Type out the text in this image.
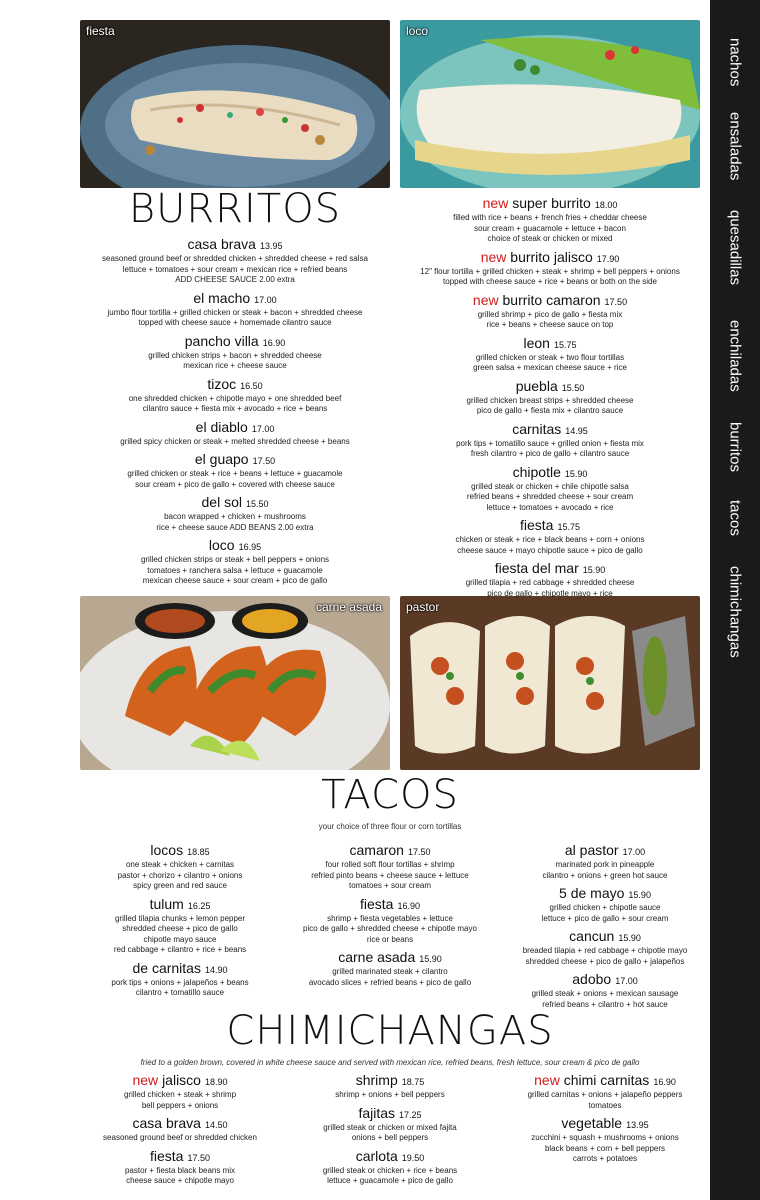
nachos
ensaladas
quesadillas
enchiladas
burritos
tacos
chimichangas
fiesta	loco
carne asada pastor
BURRITOS
casa brava 13.95
seasoned ground beef or shredded chicken + shredded cheese + red salsa
lettuce + tomatoes + sour cream + mexican rice + refried beans
ADD CHEESE SAUCE 2.00 extra
el macho 17.00
jumbo flour tortilla + grilled chicken or steak + bacon + shredded cheese
topped with cheese sauce + homemade cilantro sauce
pancho villa 16.90
grilled chicken strips + bacon + shredded cheese
mexican rice + cheese sauce
tizoc 16.50
one shredded chicken + chipotle mayo + one shredded beef
cilantro sauce + fiesta mix + avocado + rice + beans
el diablo 17.00
grilled spicy chicken or steak + melted shredded cheese + beans
el guapo 17.50
grilled chicken or steak + rice + beans + lettuce + guacamole
sour cream + pico de gallo + covered with cheese sauce
del sol 15.50
bacon wrapped + chicken + mushrooms
rice + cheese sauce ADD BEANS 2.00 extra
loco 16.95
grilled chicken strips or steak + bell peppers + onions
tomatoes + ranchera salsa + lettuce + guacamole
mexican cheese sauce + sour cream + pico de gallo
new super burrito 18.00
filled with rice + beans + french fries + cheddar cheese
sour cream + guacamole + lettuce + bacon
choice of steak or chicken or mixed
new burrito jalisco 17.90
12" flour tortilla + grilled chicken + steak + shrimp + bell peppers + onions
topped with cheese sauce + rice + beans or both on the side
new burrito camaron 17.50
grilled shrimp + pico de gallo + fiesta mix
rice + beans + cheese sauce on top
leon 15.75
grilled chicken or steak + two flour tortillas
green salsa + mexican cheese sauce + rice
puebla 15.50
grilled chicken breast strips + shredded cheese
pico de gallo + fiesta mix + cilantro sauce
carnitas 14.95
pork tips + tomatillo sauce + grilled onion + fiesta mix
fresh cilantro + pico de gallo + cilantro sauce
chipotle 15.90
grilled steak or chicken + chile chipotle salsa
refried beans + shredded cheese + sour cream
lettuce + tomatoes + avocado + rice
fiesta 15.75
chicken or steak + rice + black beans + corn + onions
cheese sauce + mayo chipotle sauce + pico de gallo
fiesta del mar 15.90
grilled tilapia + red cabbage + shredded cheese
pico de gallo + chipotle mayo + rice
TACOS
your choice of three flour or corn tortillas
locos 18.85
one steak + chicken + carnitas
pastor + chorizo + cilantro + onions
spicy green and red sauce
tulum 16.25
grilled tilapia chunks + lemon pepper
shredded cheese + pico de gallo
chipotle mayo sauce
red cabbage + cilantro + rice + beans
de carnitas 14.90
pork tips + onions + jalapeños + beans
cilantro + tomatillo sauce
camaron 17.50
four rolled soft flour tortillas + shrimp
refried pinto beans + cheese sauce + lettuce
tomatoes + sour cream
fiesta 16.90
shrimp + fiesta vegetables + lettuce
pico de gallo + shredded cheese + chipotle mayo
rice or beans
carne asada 15.90
grilled marinated steak + cilantro
avocado slices + refried beans + pico de gallo
al pastor 17.00
marinated pork in pineapple
cilantro + onions + green hot sauce
5 de mayo 15.90
grilled chicken + chipotle sauce
lettuce + pico de gallo + sour cream
cancun 15.90
breaded tilapia + red cabbage + chipotle mayo
shredded cheese + pico de gallo + jalapeños
adobo 17.00
grilled steak + onions + mexican sausage
refried beans + cilantro + hot sauce
CHIMICHANGAS
fried to a golden brown, covered in white cheese sauce and served with mexican rice, refried beans, fresh lettuce, sour cream & pico de gallo
new jalisco 18.90
grilled chicken + steak + shrimp
bell peppers + onions
casa brava 14.50
seasoned ground beef or shredded chicken
fiesta 17.50
pastor + fiesta black beans mix
cheese sauce + chipotle mayo
shrimp 18.75
shrimp + onions + bell peppers
fajitas 17.25
grilled steak or chicken or mixed fajita
onions + bell peppers
carlota 19.50
grilled steak or chicken + rice + beans
lettuce + guacamole + pico de gallo
new chimi carnitas 16.90
grilled carnitas + onions + jalapeño peppers
tomatoes
vegetable 13.95
zucchini + squash + mushrooms + onions
black beans + corn + bell peppers
carrots + potatoes
